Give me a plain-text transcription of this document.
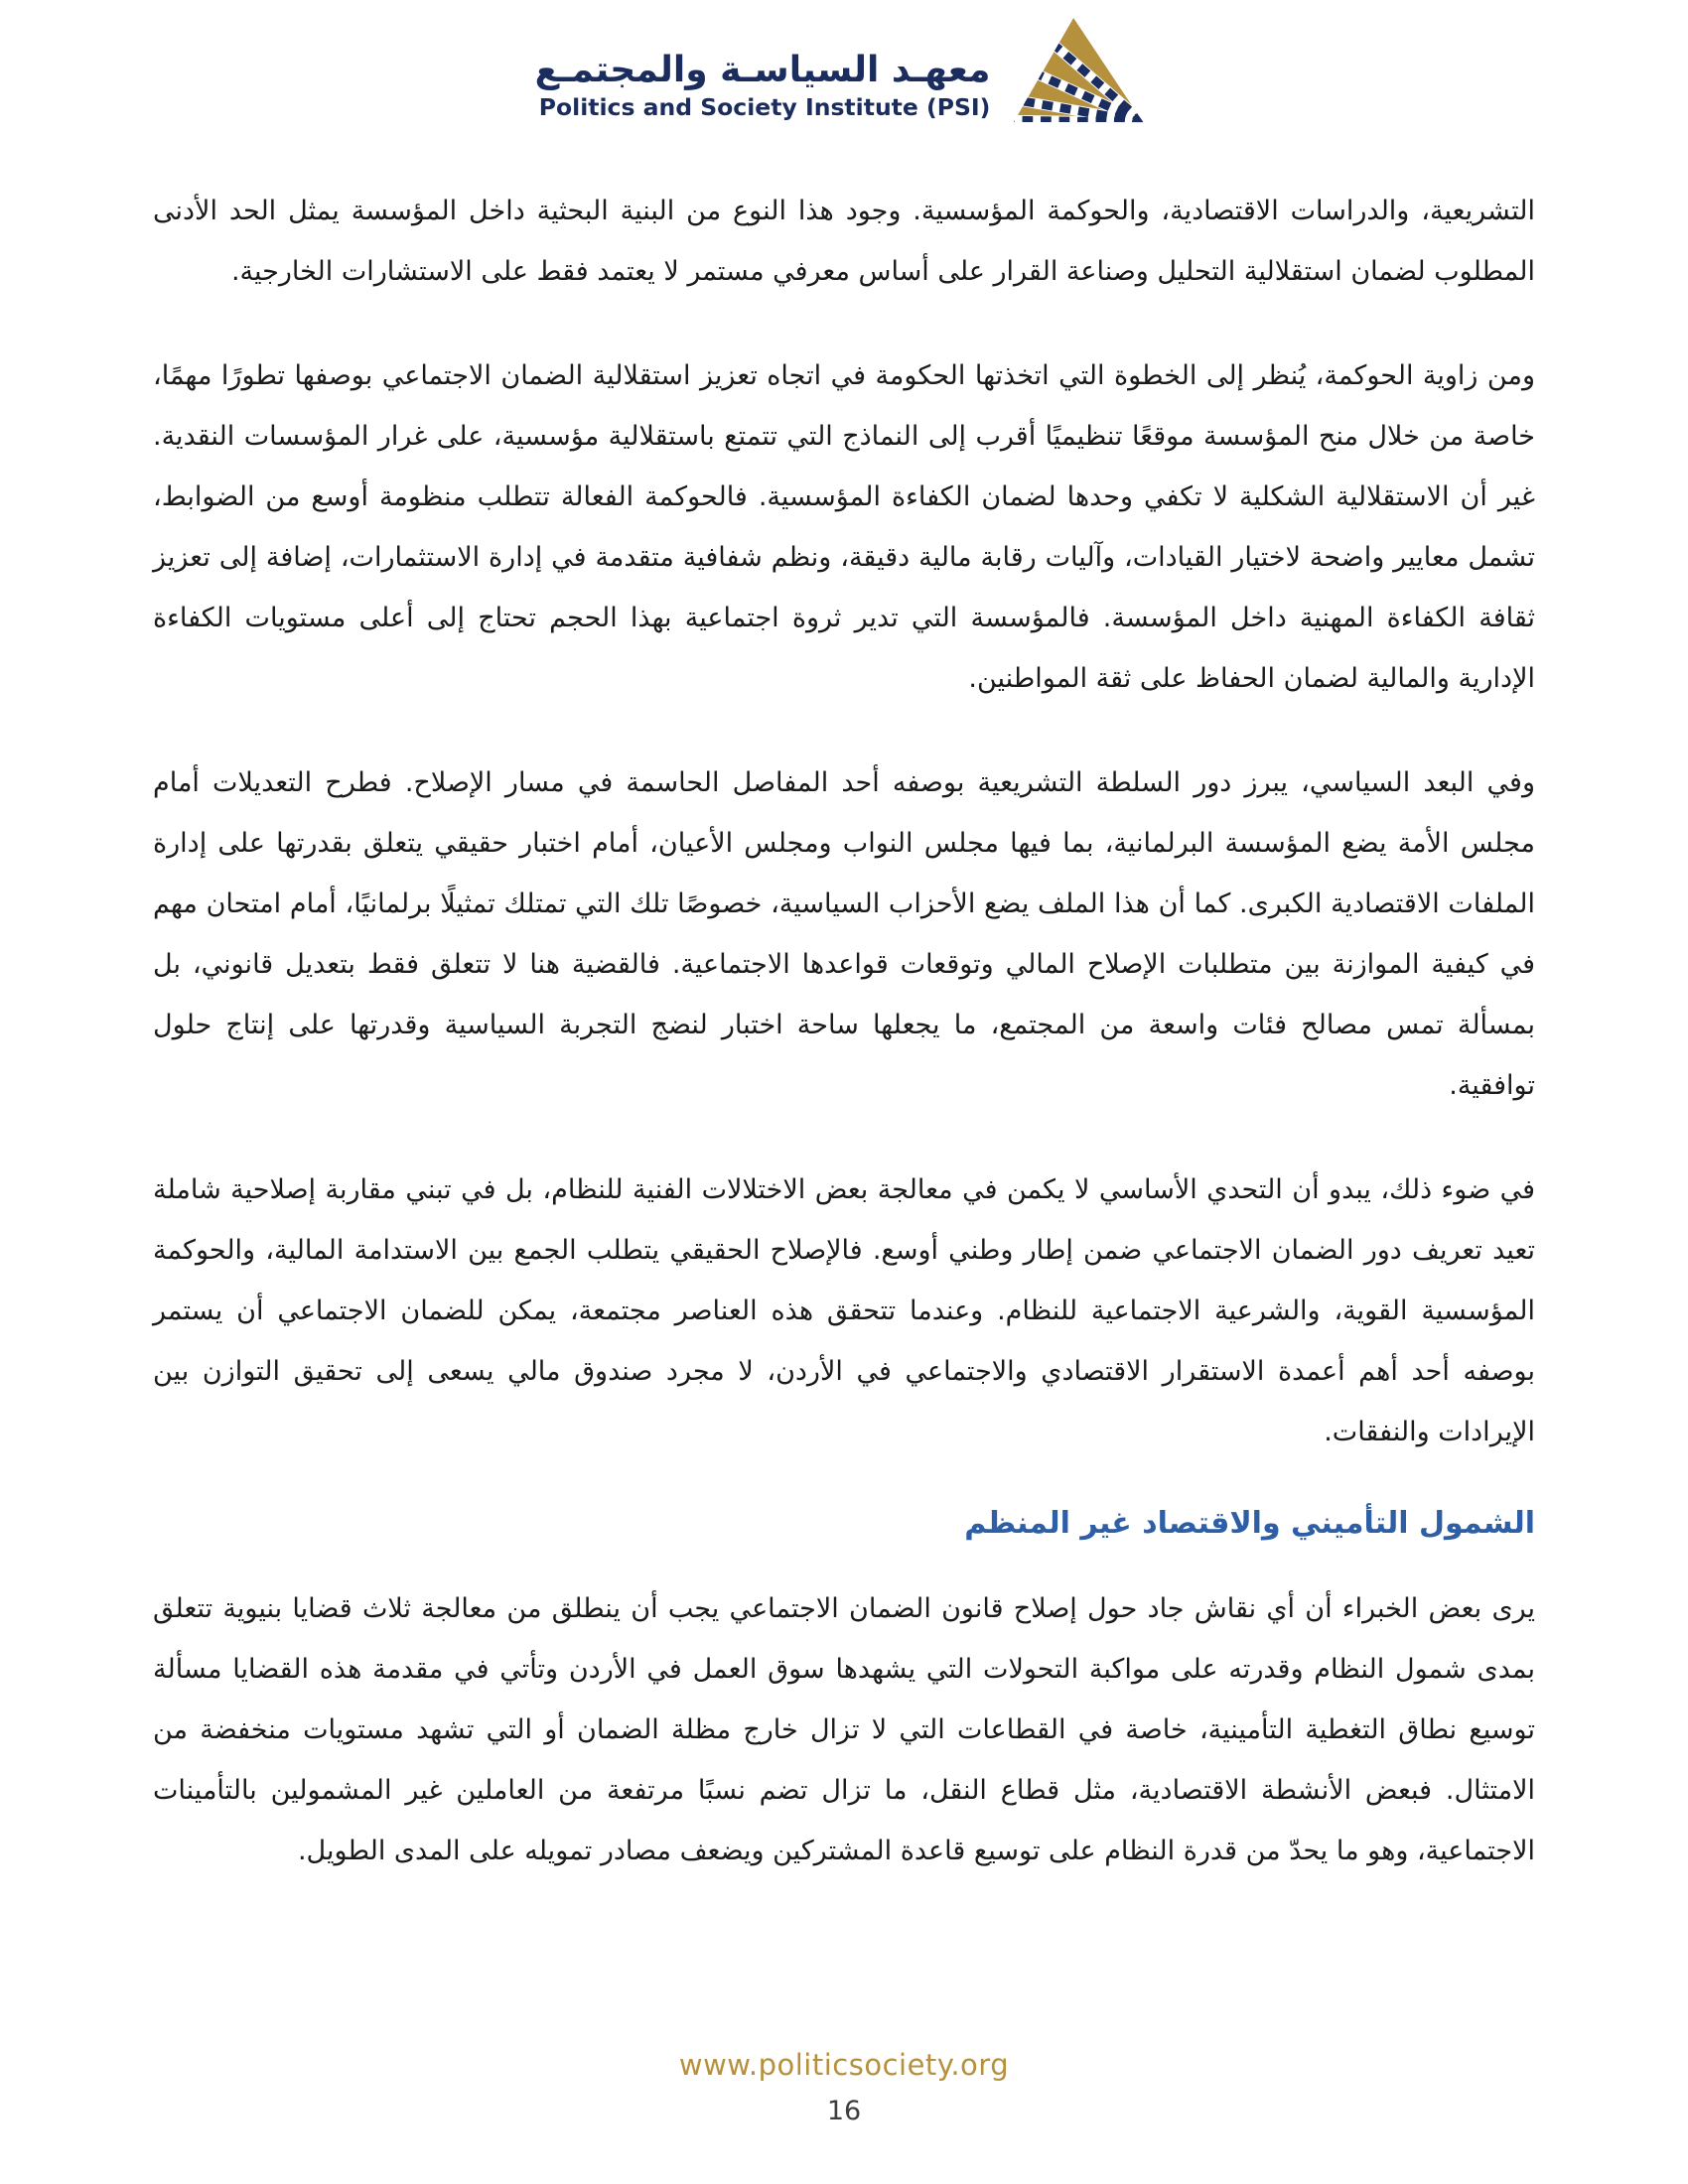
معهـد السياسـة والمجتمـع
Politics and Society Institute (PSI)

التشريعية، والدراسات الاقتصادية، والحوكمة المؤسسية. وجود هذا النوع من البنية البحثية داخل المؤسسة يمثل الحد الأدنى المطلوب لضمان استقلالية التحليل وصناعة القرار على أساس معرفي مستمر لا يعتمد فقط على الاستشارات الخارجية.

ومن زاوية الحوكمة، يُنظر إلى الخطوة التي اتخذتها الحكومة في اتجاه تعزيز استقلالية الضمان الاجتماعي بوصفها تطورًا مهمًا، خاصة من خلال منح المؤسسة موقعًا تنظيميًا أقرب إلى النماذج التي تتمتع باستقلالية مؤسسية، على غرار المؤسسات النقدية. غير أن الاستقلالية الشكلية لا تكفي وحدها لضمان الكفاءة المؤسسية. فالحوكمة الفعالة تتطلب منظومة أوسع من الضوابط، تشمل معايير واضحة لاختيار القيادات، وآليات رقابة مالية دقيقة، ونظم شفافية متقدمة في إدارة الاستثمارات، إضافة إلى تعزيز ثقافة الكفاءة المهنية داخل المؤسسة. فالمؤسسة التي تدير ثروة اجتماعية بهذا الحجم تحتاج إلى أعلى مستويات الكفاءة الإدارية والمالية لضمان الحفاظ على ثقة المواطنين.

وفي البعد السياسي، يبرز دور السلطة التشريعية بوصفه أحد المفاصل الحاسمة في مسار الإصلاح. فطرح التعديلات أمام مجلس الأمة يضع المؤسسة البرلمانية، بما فيها مجلس النواب ومجلس الأعيان، أمام اختبار حقيقي يتعلق بقدرتها على إدارة الملفات الاقتصادية الكبرى. كما أن هذا الملف يضع الأحزاب السياسية، خصوصًا تلك التي تمتلك تمثيلًا برلمانيًا، أمام امتحان مهم في كيفية الموازنة بين متطلبات الإصلاح المالي وتوقعات قواعدها الاجتماعية. فالقضية هنا لا تتعلق فقط بتعديل قانوني، بل بمسألة تمس مصالح فئات واسعة من المجتمع، ما يجعلها ساحة اختبار لنضج التجربة السياسية وقدرتها على إنتاج حلول توافقية.

في ضوء ذلك، يبدو أن التحدي الأساسي لا يكمن في معالجة بعض الاختلالات الفنية للنظام، بل في تبني مقاربة إصلاحية شاملة تعيد تعريف دور الضمان الاجتماعي ضمن إطار وطني أوسع. فالإصلاح الحقيقي يتطلب الجمع بين الاستدامة المالية، والحوكمة المؤسسية القوية، والشرعية الاجتماعية للنظام. وعندما تتحقق هذه العناصر مجتمعة، يمكن للضمان الاجتماعي أن يستمر بوصفه أحد أهم أعمدة الاستقرار الاقتصادي والاجتماعي في الأردن، لا مجرد صندوق مالي يسعى إلى تحقيق التوازن بين الإيرادات والنفقات.

الشمول التأميني والاقتصاد غير المنظم

يرى بعض الخبراء أن أي نقاش جاد حول إصلاح قانون الضمان الاجتماعي يجب أن ينطلق من معالجة ثلاث قضايا بنيوية تتعلق بمدى شمول النظام وقدرته على مواكبة التحولات التي يشهدها سوق العمل في الأردن وتأتي في مقدمة هذه القضايا مسألة توسيع نطاق التغطية التأمينية، خاصة في القطاعات التي لا تزال خارج مظلة الضمان أو التي تشهد مستويات منخفضة من الامتثال. فبعض الأنشطة الاقتصادية، مثل قطاع النقل، ما تزال تضم نسبًا مرتفعة من العاملين غير المشمولين بالتأمينات الاجتماعية، وهو ما يحدّ من قدرة النظام على توسيع قاعدة المشتركين ويضعف مصادر تمويله على المدى الطويل.

www.politicsociety.org
16
